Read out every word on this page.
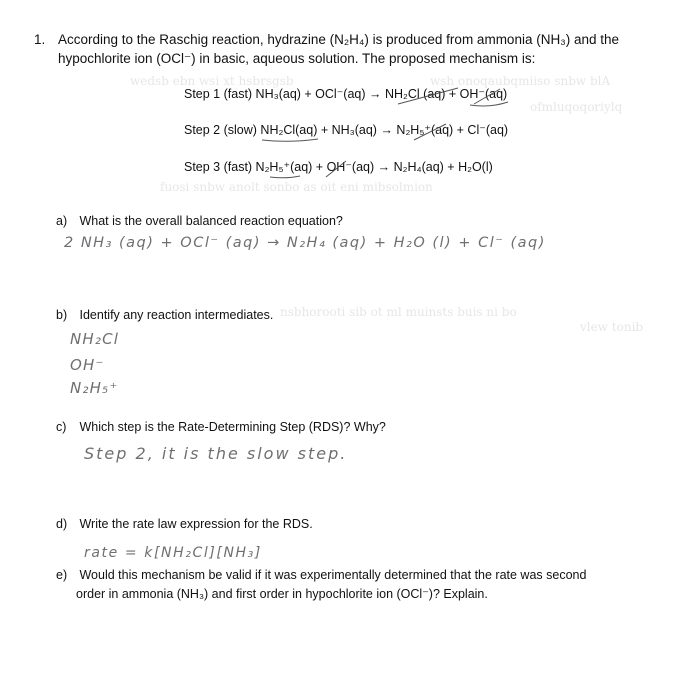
wedsb ebn wsi xt hsbrsgsb	wsh onoqaubqmiiso snbw blA
ofmluqoqoriylq
fuosi snbw anolt sonbo as oit eni mibsolmion
nsbhorooti sib ot ml muinsts buis ni bo
vlew tonib
1. According to the Raschig reaction, hydrazine (N₂H₄) is produced from ammonia (NH₃) and the
hypochlorite ion (OCl⁻) in basic, aqueous solution. The proposed mechanism is:
Step 1 (fast) NH₃(aq) + OCl⁻(aq) → NH₂Cl (aq) + OH⁻(aq)
Step 2 (slow) NH₂Cl(aq) + NH₃(aq) → N₂H₅⁺(aq) + Cl⁻(aq)
Step 3 (fast) N₂H₅⁺(aq) + OH⁻(aq) → N₂H₄(aq) + H₂O(l)
a) What is the overall balanced reaction equation?
2 NH₃ (aq) + OCl⁻ (aq) → N₂H₄ (aq) + H₂O (l) + Cl⁻ (aq)
b) Identify any reaction intermediates.
NH₂Cl
OH⁻
N₂H₅⁺
c) Which step is the Rate-Determining Step (RDS)? Why?
Step 2, it is the slow step.
d) Write the rate law expression for the RDS.
rate = k[NH₂Cl][NH₃]
e) Would this mechanism be valid if it was experimentally determined that the rate was second
order in ammonia (NH₃) and first order in hypochlorite ion (OCl⁻)? Explain.
